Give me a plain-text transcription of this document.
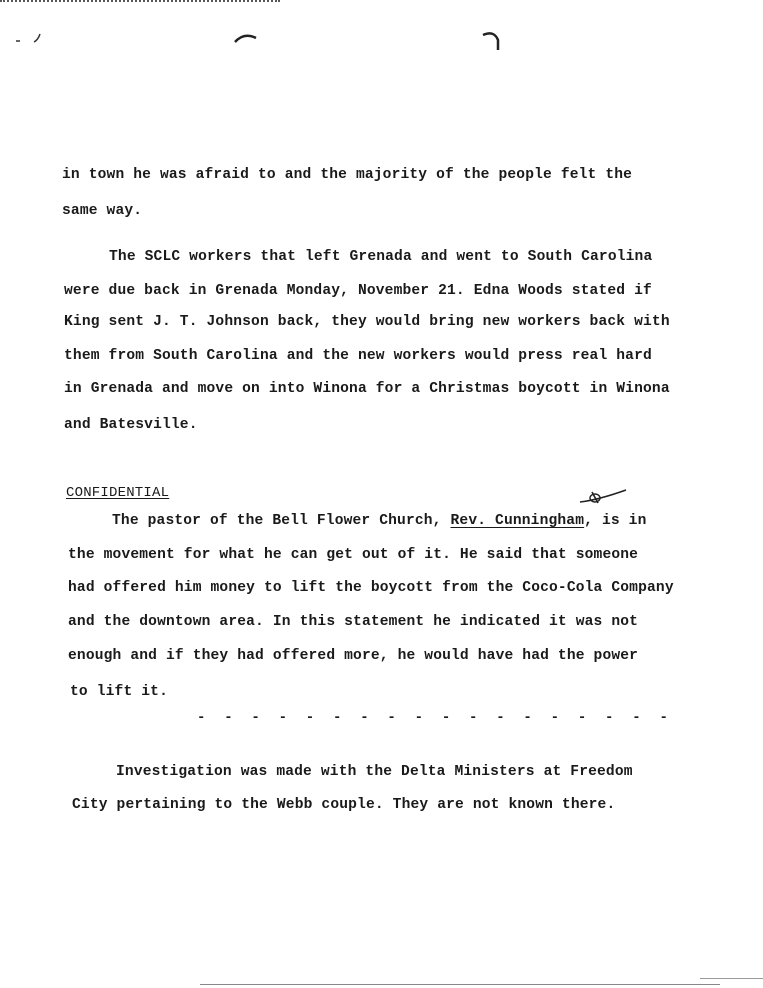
in town he was afraid to and the majority of the people felt the
same way.
The SCLC workers that left Grenada and went to South Carolina
were due back in Grenada Monday, November 21. Edna Woods stated if
King sent J. T. Johnson back, they would bring new workers back with
them from South Carolina and the new workers would press real hard
in Grenada and move on into Winona for a Christmas boycott in Winona
and Batesville.
CONFIDENTIAL
The pastor of the Bell Flower Church, Rev. Cunningham, is in
the movement for what he can get out of it. He said that someone
had offered him money to lift the boycott from the Coco-Cola Company
and the downtown area. In this statement he indicated it was not
enough and if they had offered more, he would have had the power
to lift it.
- - - - - - - - - - - - - - - - - -
Investigation was made with the Delta Ministers at Freedom
City pertaining to the Webb couple. They are not known there.
